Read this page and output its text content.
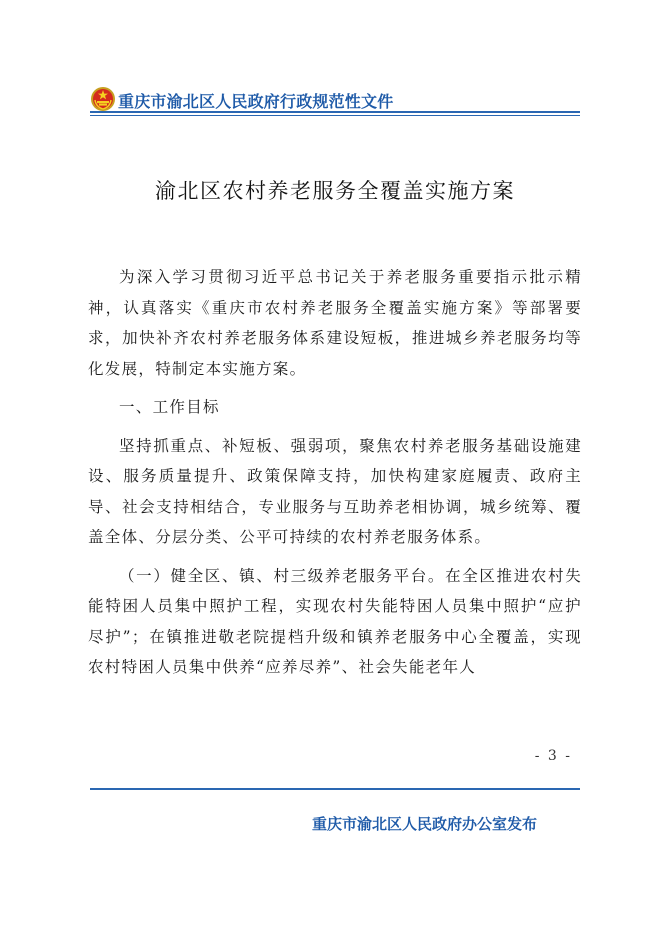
重庆市渝北区人民政府行政规范性文件
渝北区农村养老服务全覆盖实施方案

为深入学习贯彻习近平总书记关于养老服务重要指示批示精神，认真落实《重庆市农村养老服务全覆盖实施方案》等部署要求，加快补齐农村养老服务体系建设短板，推进城乡养老服务均等化发展，特制定本实施方案。

一、工作目标

坚持抓重点、补短板、强弱项，聚焦农村养老服务基础设施建设、服务质量提升、政策保障支持，加快构建家庭履责、政府主导、社会支持相结合，专业服务与互助养老相协调，城乡统筹、覆盖全体、分层分类、公平可持续的农村养老服务体系。

（一）健全区、镇、村三级养老服务平台。在全区推进农村失能特困人员集中照护工程，实现农村失能特困人员集中照护“应护尽护”；在镇推进敬老院提档升级和镇养老服务中心全覆盖，实现农村特困人员集中供养“应养尽养”、社会失能老年人

- 3 -
重庆市渝北区人民政府办公室发布
